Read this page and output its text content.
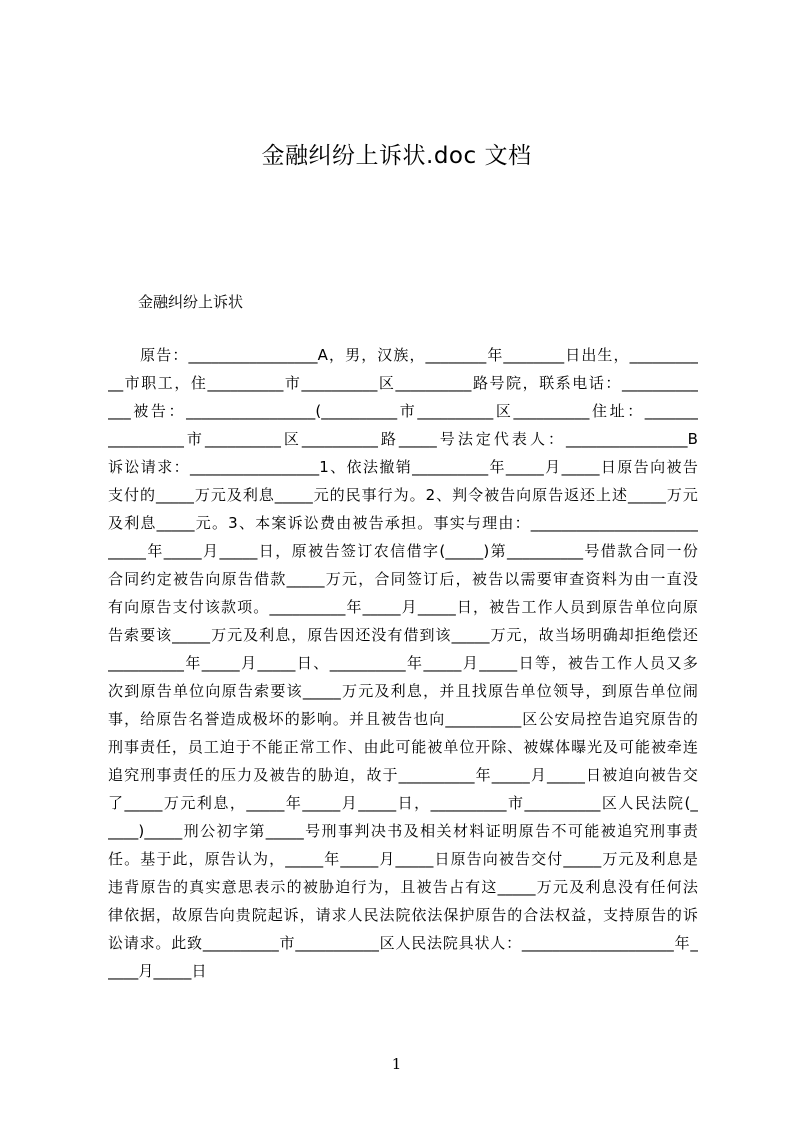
金融纠纷上诉状.doc 文档
金融纠纷上诉状
　　原告：_________________A，男，汉族，________年________日出生，_________
__市职工，住__________市__________区__________路号院，联系电话：__________
___被告：_________________(__________市__________区__________住址：_______
__________市__________区__________路_____号法定代表人：________________B
诉讼请求：_________________1、依法撤销__________年_____月_____日原告向被告
支付的_____万元及利息_____元的民事行为。2、判令被告向原告返还上述_____万元
及利息_____元。3、本案诉讼费由被告承担。事实与理由：______________________
_____年_____月_____日，原被告签订农信借字(_____)第__________号借款合同一份
合同约定被告向原告借款_____万元，合同签订后，被告以需要审查资料为由一直没
有向原告支付该款项。__________年_____月_____日，被告工作人员到原告单位向原
告索要该_____万元及利息，原告因还没有借到该_____万元，故当场明确却拒绝偿还
__________年_____月_____日、__________年_____月_____日等，被告工作人员又多
次到原告单位向原告索要该_____万元及利息，并且找原告单位领导，到原告单位闹
事，给原告名誉造成极坏的影响。并且被告也向__________区公安局控告追究原告的
刑事责任，员工迫于不能正常工作、由此可能被单位开除、被媒体曝光及可能被牵连
追究刑事责任的压力及被告的胁迫，故于__________年_____月_____日被迫向被告交
了_____万元利息，_____年_____月_____日，__________市__________区人民法院(_
____)_____刑公初字第_____号刑事判决书及相关材料证明原告不可能被追究刑事责
任。基于此，原告认为，_____年_____月_____日原告向被告交付_____万元及利息是
违背原告的真实意思表示的被胁迫行为，且被告占有这_____万元及利息没有任何法
律依据，故原告向贵院起诉，请求人民法院依法保护原告的合法权益，支持原告的诉
讼请求。此致__________市___________区人民法院具状人：____________________年_
____月_____日
1
